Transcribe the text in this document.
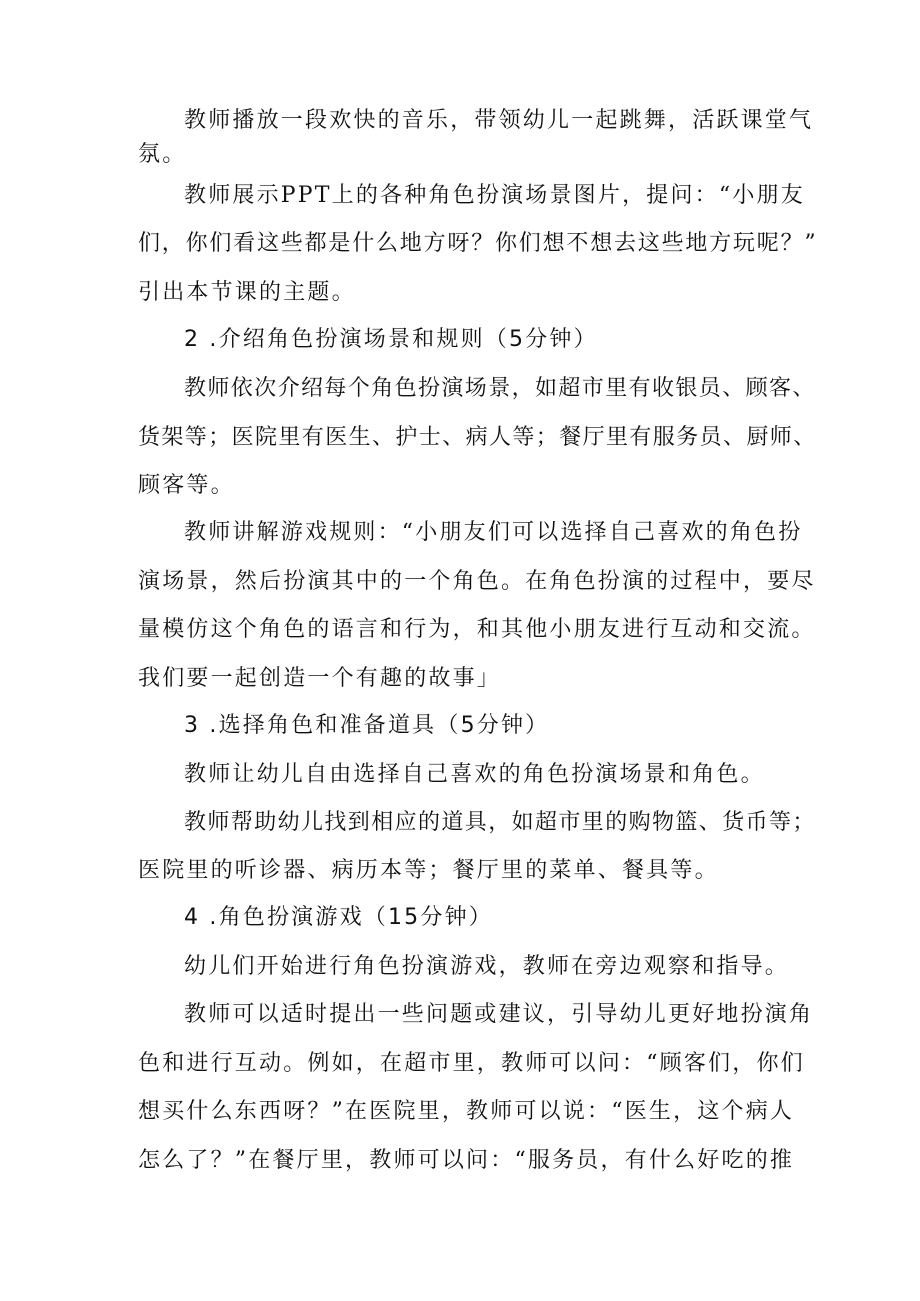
教师播放一段欢快的音乐，带领幼儿一起跳舞，活跃课堂气
氛。
教师展示PPT上的各种角色扮演场景图片，提问：“小朋友
们，你们看这些都是什么地方呀？你们想不想去这些地方玩呢？”
引出本节课的主题。
2 .介绍角色扮演场景和规则（5分钟）
教师依次介绍每个角色扮演场景，如超市里有收银员、顾客、
货架等；医院里有医生、护士、病人等；餐厅里有服务员、厨师、
顾客等。
教师讲解游戏规则：“小朋友们可以选择自己喜欢的角色扮
演场景，然后扮演其中的一个角色。在角色扮演的过程中，要尽
量模仿这个角色的语言和行为，和其他小朋友进行互动和交流。
我们要一起创造一个有趣的故事」
3 .选择角色和准备道具（5分钟）
教师让幼儿自由选择自己喜欢的角色扮演场景和角色。
教师帮助幼儿找到相应的道具，如超市里的购物篮、货币等；
医院里的听诊器、病历本等；餐厅里的菜单、餐具等。
4 .角色扮演游戏（15分钟）
幼儿们开始进行角色扮演游戏，教师在旁边观察和指导。
教师可以适时提出一些问题或建议，引导幼儿更好地扮演角
色和进行互动。例如，在超市里，教师可以问：“顾客们，你们
想买什么东西呀？”在医院里，教师可以说：“医生，这个病人
怎么了？”在餐厅里，教师可以问：“服务员，有什么好吃的推
